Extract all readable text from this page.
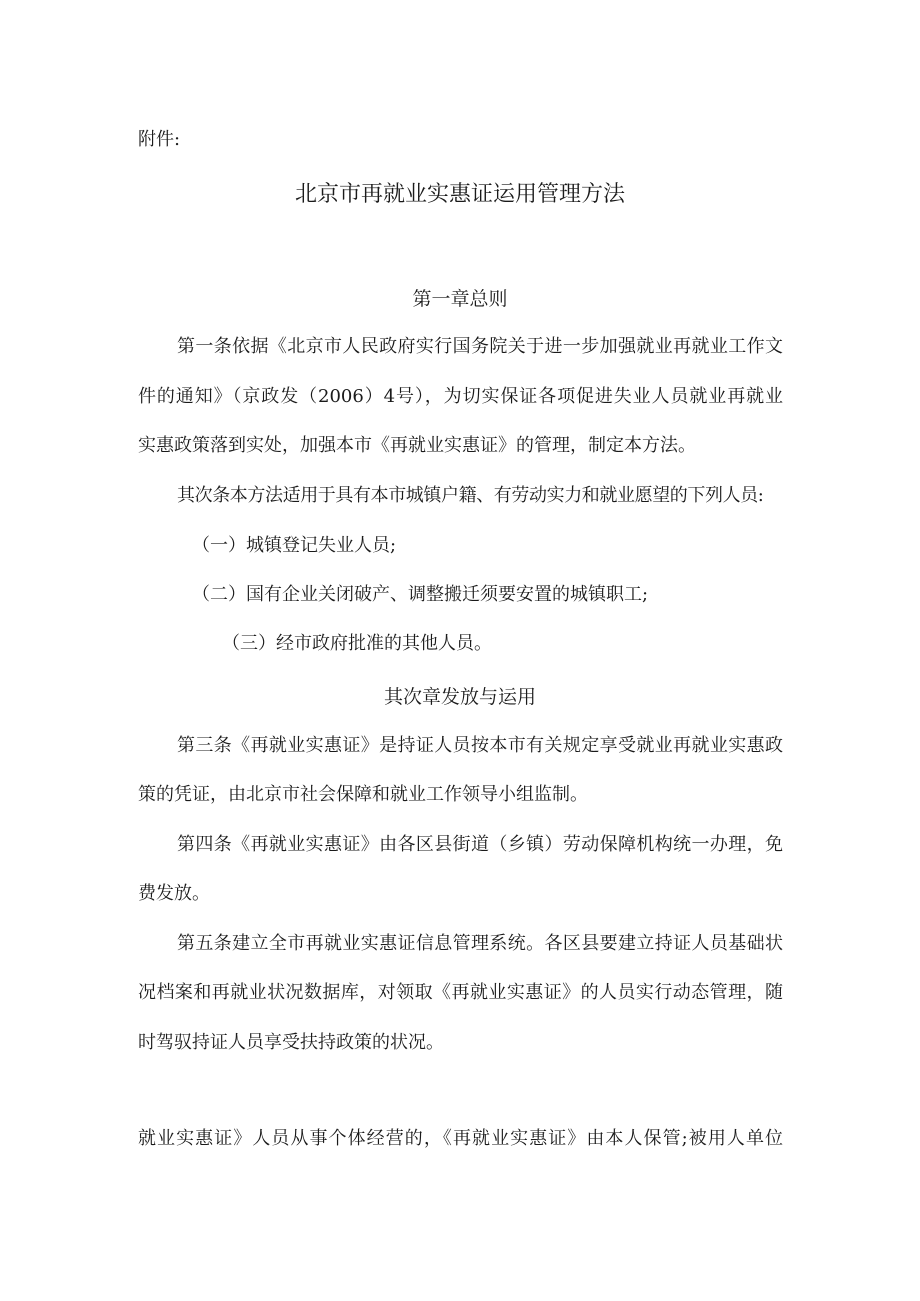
附件:
北京市再就业实惠证运用管理方法
第一章总则
第一条依据《北京市人民政府实行国务院关于进一步加强就业再就业工作文
件的通知》（京政发（2006）4号），为切实保证各项促进失业人员就业再就业
实惠政策落到实处，加强本市《再就业实惠证》的管理，制定本方法。
其次条本方法适用于具有本市城镇户籍、有劳动实力和就业愿望的下列人员:
（一）城镇登记失业人员;
（二）国有企业关闭破产、调整搬迁须要安置的城镇职工;
（三）经市政府批准的其他人员。
其次章发放与运用
第三条《再就业实惠证》是持证人员按本市有关规定享受就业再就业实惠政
策的凭证，由北京市社会保障和就业工作领导小组监制。
第四条《再就业实惠证》由各区县街道（乡镇）劳动保障机构统一办理，免
费发放。
第五条建立全市再就业实惠证信息管理系统。各区县要建立持证人员基础状
况档案和再就业状况数据库，对领取《再就业实惠证》的人员实行动态管理，随
时驾驭持证人员享受扶持政策的状况。
就业实惠证》人员从事个体经营的，《再就业实惠证》由本人保管;被用人单位
